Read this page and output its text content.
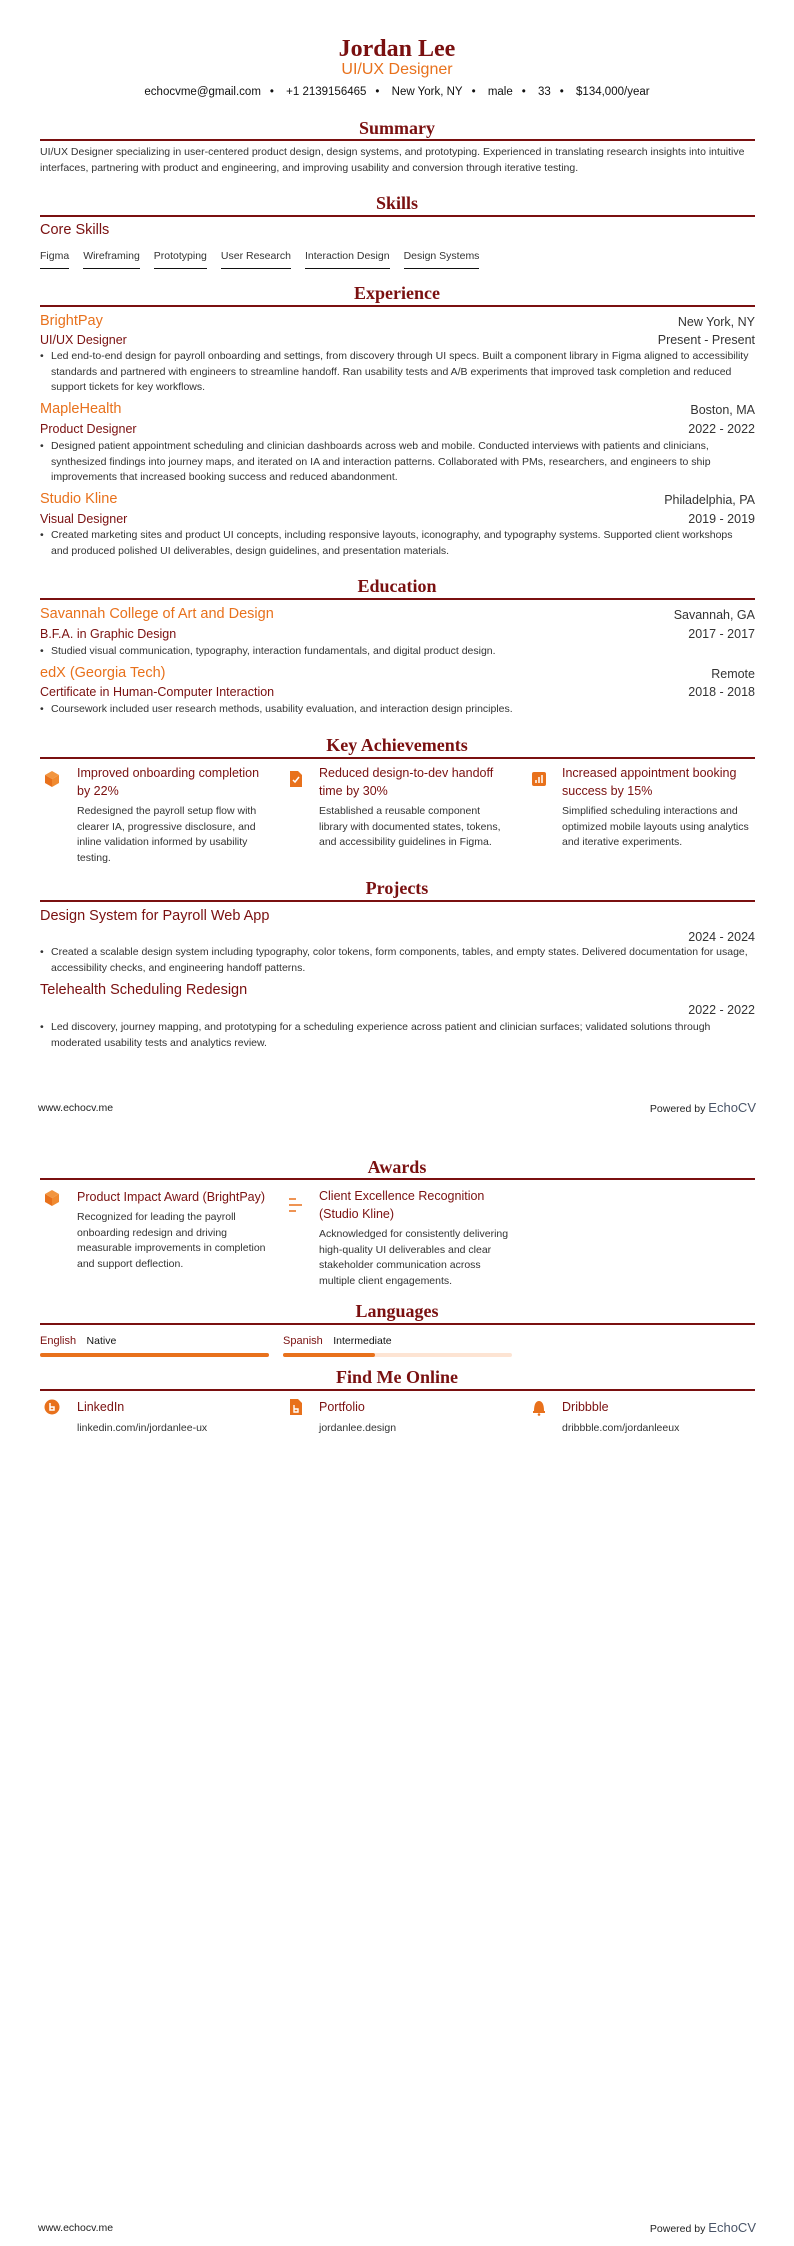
Jordan Lee
UI/UX Designer
echocvme@gmail.com • +1 2139156465 • New York, NY • male • 33 • $134,000/year
Summary
UI/UX Designer specializing in user-centered product design, design systems, and prototyping. Experienced in translating research insights into intuitive interfaces, partnering with product and engineering, and improving usability and conversion through iterative testing.
Skills
Core Skills
Figma Wireframing Prototyping User Research Interaction Design Design Systems
Experience
BrightPay	New York, NY
UI/UX Designer	Present - Present
• Led end-to-end design for payroll onboarding and settings, from discovery through UI specs. Built a component library in Figma aligned to accessibility standards and partnered with engineers to streamline handoff. Ran usability tests and A/B experiments that improved task completion and reduced support tickets for key workflows.
MapleHealth	Boston, MA
Product Designer	2022 - 2022
• Designed patient appointment scheduling and clinician dashboards across web and mobile. Conducted interviews with patients and clinicians, synthesized findings into journey maps, and iterated on IA and interaction patterns. Collaborated with PMs, researchers, and engineers to ship improvements that increased booking success and reduced abandonment.
Studio Kline	Philadelphia, PA
Visual Designer	2019 - 2019
• Created marketing sites and product UI concepts, including responsive layouts, iconography, and typography systems. Supported client workshops and produced polished UI deliverables, design guidelines, and presentation materials.
Education
Savannah College of Art and Design	Savannah, GA
B.F.A. in Graphic Design	2017 - 2017
• Studied visual communication, typography, interaction fundamentals, and digital product design.
edX (Georgia Tech)	Remote
Certificate in Human-Computer Interaction	2018 - 2018
• Coursework included user research methods, usability evaluation, and interaction design principles.
Key Achievements
Improved onboarding completion by 22%
Redesigned the payroll setup flow with clearer IA, progressive disclosure, and inline validation informed by usability testing.
Reduced design-to-dev handoff time by 30%
Established a reusable component library with documented states, tokens, and accessibility guidelines in Figma.
Increased appointment booking success by 15%
Simplified scheduling interactions and optimized mobile layouts using analytics and iterative experiments.
Projects
Design System for Payroll Web App
2024 - 2024
• Created a scalable design system including typography, color tokens, form components, tables, and empty states. Delivered documentation for usage, accessibility checks, and engineering handoff patterns.
Telehealth Scheduling Redesign
2022 - 2022
• Led discovery, journey mapping, and prototyping for a scheduling experience across patient and clinician surfaces; validated solutions through moderated usability tests and analytics review.
www.echocv.me	Powered by EchoCV
Awards
Product Impact Award (BrightPay)
Recognized for leading the payroll onboarding redesign and driving measurable improvements in completion and support deflection.
Client Excellence Recognition (Studio Kline)
Acknowledged for consistently delivering high-quality UI deliverables and clear stakeholder communication across multiple client engagements.
Languages
English Native	Spanish Intermediate
Find Me Online
LinkedIn
linkedin.com/in/jordanlee-ux
Portfolio
jordanlee.design
Dribbble
dribbble.com/jordanleeux
www.echocv.me	Powered by EchoCV
